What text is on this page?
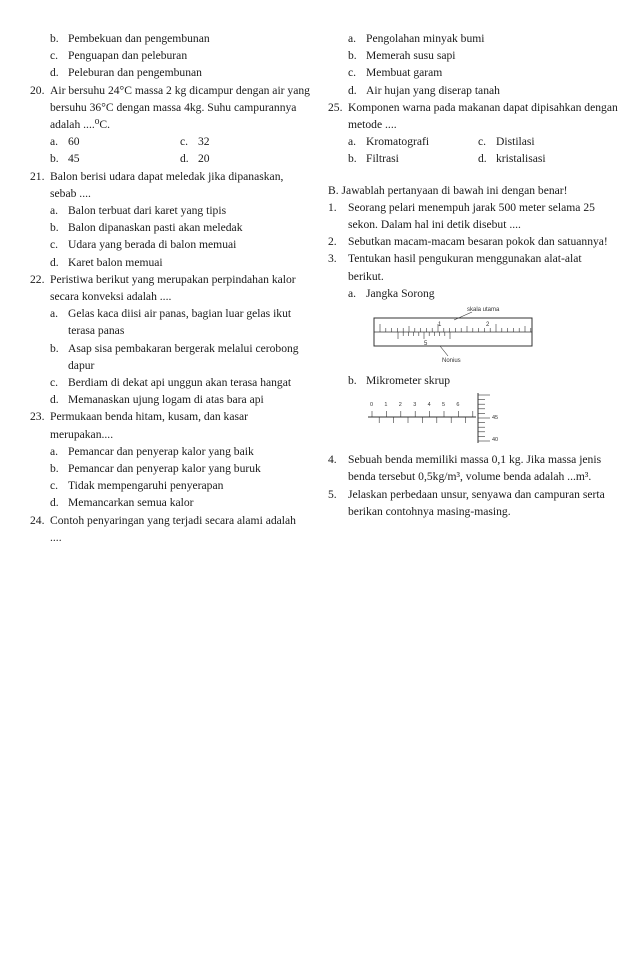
b. Pembekuan dan pengembunan
c. Penguapan dan peleburan
d. Peleburan dan pengembunan
20. Air bersuhu 24°C massa 2 kg dicampur dengan air yang bersuhu 36°C dengan massa 4kg. Suhu campurannya adalah ....⁰C.
a. 60	c. 32
b. 45	d. 20
21. Balon berisi udara dapat meledak jika dipanaskan, sebab ....
a. Balon terbuat dari karet yang tipis
b. Balon dipanaskan pasti akan meledak
c. Udara yang berada di balon memuai
d. Karet balon memuai
22. Peristiwa berikut yang merupakan perpindahan kalor secara konveksi adalah ....
a. Gelas kaca diisi air panas, bagian luar gelas ikut terasa panas
b. Asap sisa pembakaran bergerak melalui cerobong dapur
c. Berdiam di dekat api unggun akan terasa hangat
d. Memanaskan ujung logam di atas bara api
23. Permukaan benda hitam, kusam, dan kasar merupakan....
a. Pemancar dan penyerap kalor yang baik
b. Pemancar dan penyerap kalor yang buruk
c. Tidak mempengaruhi penyerapan
d. Memancarkan semua kalor
24. Contoh penyaringan yang terjadi secara alami adalah ....
a. Pengolahan minyak bumi
b. Memerah susu sapi
c. Membuat garam
d. Air hujan yang diserap tanah
25. Komponen warna pada makanan dapat dipisahkan dengan metode ....
a. Kromatografi	c. Distilasi
b. Filtrasi	d. kristalisasi
B. Jawablah pertanyaan di bawah ini dengan benar!
1. Seorang pelari menempuh jarak 500 meter selama 25 sekon. Dalam hal ini detik disebut ....
2. Sebutkan macam-macam besaran pokok dan satuannya!
3. Tentukan hasil pengukuran menggunakan alat-alat berikut.
a. Jangka Sorong
skala utama
1	2
5
Nonius
b. Mikrometer skrup
0 1 2 3 4 5 6
45
40
4. Sebuah benda memiliki massa 0,1 kg. Jika massa jenis benda tersebut 0,5kg/m³, volume benda adalah ...m³.
5. Jelaskan perbedaan unsur, senyawa dan campuran serta berikan contohnya masing-masing.
